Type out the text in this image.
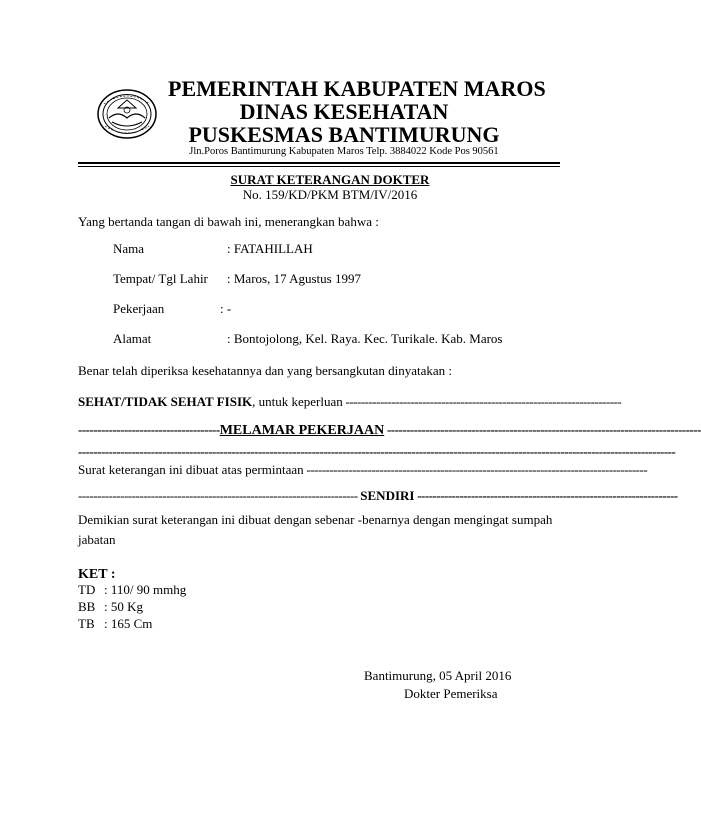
PEMERINTAH KABUPATEN MAROS
DINAS KESEHATAN
PUSKESMAS BANTIMURUNG
Jln.Poros Bantimurung Kabupaten Maros Telp. 3884022 Kode Pos 90561
SURAT KETERANGAN DOKTER
No. 159/KD/PKM BTM/IV/2016
Yang bertanda tangan di bawah ini, menerangkan bahwa :
Nama	: FATAHILLAH
Tempat/ Tgl Lahir : Maros, 17 Agustus 1997
Pekerjaan	: -
Alamat	: Bontojolong, Kel. Raya. Kec. Turikale. Kab. Maros
Benar telah diperiksa kesehatannya dan yang bersangkutan dinyatakan :
SEHAT/TIDAK SEHAT FISIK, untuk keperluan ------------------------------------------------------------------------
-------------------------------------MELAMAR PEKERJAAN ----------------------------------------------------------------------------------
------------------------------------------------------------------------------------------------------------------------------------------------------------
Surat keterangan ini dibuat atas permintaan -----------------------------------------------------------------------------------------
------------------------------------------------------------------------- SENDIRI --------------------------------------------------------------------
Demikian surat keterangan ini dibuat dengan sebenar -benarnya dengan mengingat sumpah
jabatan
KET :
TD : 110/ 90 mmhg
BB : 50 Kg
TB : 165 Cm
Bantimurung, 05 April 2016
Dokter Pemeriksa
